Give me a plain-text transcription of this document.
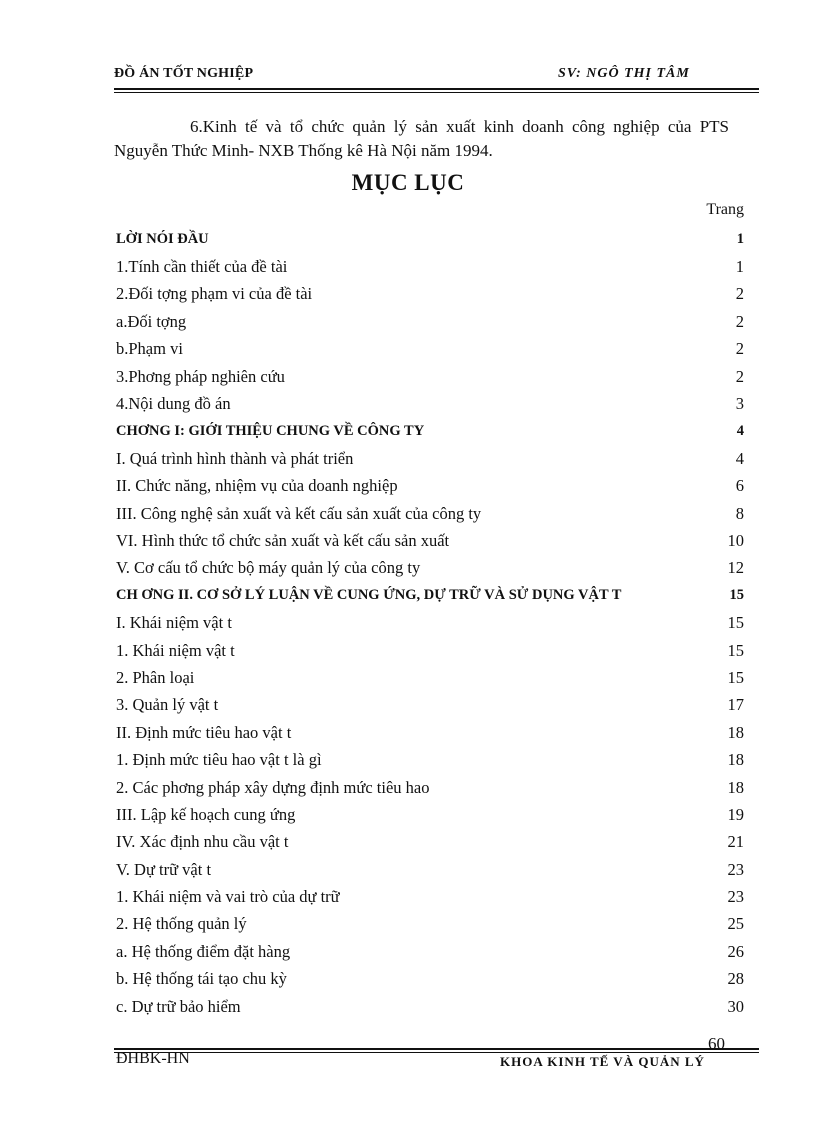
ĐỒ ÁN TỐT NGHIỆP	SV: NGÔ THỊ TÂM
6.Kinh tế và tổ chức quản lý sản xuất kinh doanh công nghiệp của PTS Nguyễn Thức Minh- NXB Thống kê Hà Nội năm 1994.
MỤC LỤC
Trang
LỜI NÓI ĐẦU	1
1.Tính cần thiết của đề tài	1
2.Đối tợng phạm vi của đề tài	2
a.Đối tợng	2
b.Phạm vi	2
3.Phơng pháp nghiên cứu	2
4.Nội dung đồ án	3
CHƠNG I: GIỚI THIỆU CHUNG VỀ CÔNG TY	4
I. Quá trình hình thành và phát triển	4
II. Chức năng, nhiệm vụ của doanh nghiệp	6
III. Công nghệ sản xuất và kết cấu sản xuất của công ty	8
VI. Hình thức tổ chức sản xuất và kết cấu sản xuất	10
V. Cơ cấu tổ chức bộ máy quản lý của công ty	12
CH ƠNG II. CƠ SỞ LÝ LUẬN VỀ CUNG ỨNG, DỰ TRỮ VÀ SỬ DỤNG VẬT T	15
I. Khái niệm vật t	15
1. Khái niệm vật t	15
2. Phân loại	15
3. Quản lý vật t	17
II. Định mức tiêu hao vật t	18
1. Định mức tiêu hao vật t là gì	18
2. Các phơng pháp xây dựng định mức tiêu hao	18
III. Lập kế hoạch cung ứng	19
IV. Xác định nhu cầu vật t	21
V. Dự trữ vật t	23
1. Khái niệm và vai trò của dự trữ	23
2. Hệ thống quản lý	25
a. Hệ thống điểm đặt hàng	26
b. Hệ thống tái tạo chu kỳ	28
c. Dự trữ bảo hiểm	30
60
ĐHBK-HN	KHOA KINH TẾ VÀ QUẢN LÝ
